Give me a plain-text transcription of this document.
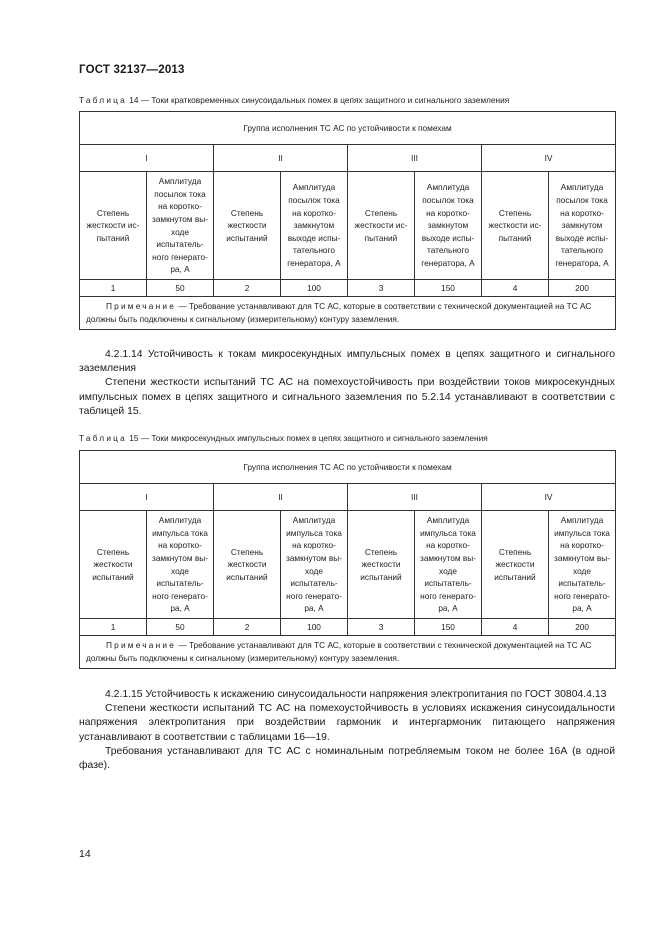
ГОСТ 32137—2013
Таблица 14 — Токи кратковременных синусоидальных помех в цепях защитного и сигнального заземления
Группа исполнения ТС АС по устойчивости к помехам							
I		II		III		IV	
Степень жесткости ис-пытаний	Амплитуда посылок тока на коротко-замкнутом вы-ходе испытатель-ного генерато-ра, А	Степень жесткости испытаний	Амплитуда посылок тока на коротко-замкнутом выходе испы-тательного генератора, А	Степень жесткости ис-пытаний	Амплитуда посылок тока на коротко-замкнутом выходе испы-тательного генератора, А	Степень жесткости ис-пытаний	Амплитуда посылок тока на коротко-замкнутом выходе испы-тательного генератора, А
1	50	2	100	3	150	4	200
Примечание — Требование устанавливают для ТС АС, которые в соответствии с технической документацией на ТС АС должны быть подключены к сигнальному (измерительному) контуру заземления.							

4.2.1.14 Устойчивость к токам микросекундных импульсных помех в цепях защитного и сигнального заземления

Степени жесткости испытаний ТС АС на помехоустойчивость при воздействии токов микросекундных импульсных помех в цепях защитного и сигнального заземления по 5.2.14 устанавливают в соответствии с таблицей 15.

Таблица 15 — Токи микросекундных импульсных помех в цепях защитного и сигнального заземления
Группа исполнения ТС АС по устойчивости к помехам							
I		II		III		IV	
Степень жесткости испытаний	Амплитуда импульса тока на коротко-замкнутом вы-ходе испытатель-ного генерато-ра, А	Степень жесткости испытаний	Амплитуда импульса тока на коротко-замкнутом вы-ходе испытатель-ного генерато-ра, А	Степень жесткости испытаний	Амплитуда импульса тока на коротко-замкнутом вы-ходе испытатель-ного генерато-ра, А	Степень жесткости испытаний	Амплитуда импульса тока на коротко-замкнутом вы-ходе испытатель-ного генерато-ра, А
1	50	2	100	3	150	4	200
Примечание — Требование устанавливают для ТС АС, которые в соответствии с технической документацией на ТС АС должны быть подключены к сигнальному (измерительному) контуру заземления.							

4.2.1.15 Устойчивость к искажению синусоидальности напряжения электропитания по ГОСТ 30804.4.13

Степени жесткости испытаний ТС АС на помехоустойчивость в условиях искажения синусоидальности напряжения электропитания при воздействии гармоник и интергармоник питающего напряжения устанавливают в соответствии с таблицами 16—19.

Требования устанавливают для ТС АС с номинальным потребляемым током не более 16А (в одной фазе).

14
